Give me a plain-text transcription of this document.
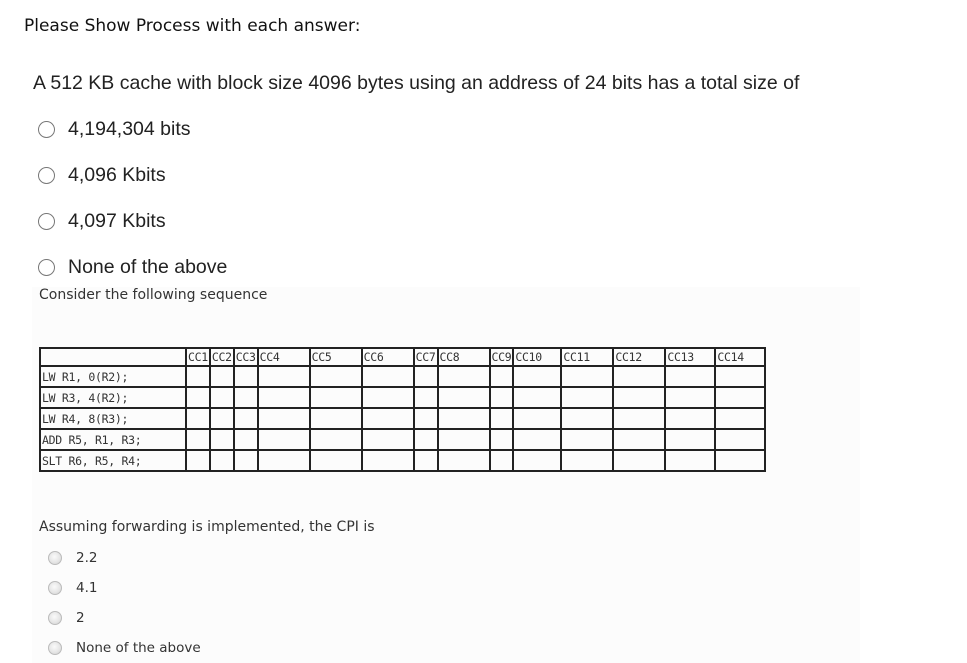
Please Show Process with each answer:
A 512 KB cache with block size 4096 bytes using an address of 24 bits has a total size of
4,194,304 bits
4,096 Kbits
4,097 Kbits
None of the above
Consider the following sequence
	CC1	CC2	CC3	CC4	CC5	CC6	CC7	CC8	CC9	CC10	CC11	CC12	CC13	CC14
LW R1, 0(R2);														
LW R3, 4(R2);														
LW R4, 8(R3);														
ADD R5, R1, R3;														
SLT R6, R5, R4;														
Assuming forwarding is implemented, the CPI is
2.2
4.1
2
None of the above
